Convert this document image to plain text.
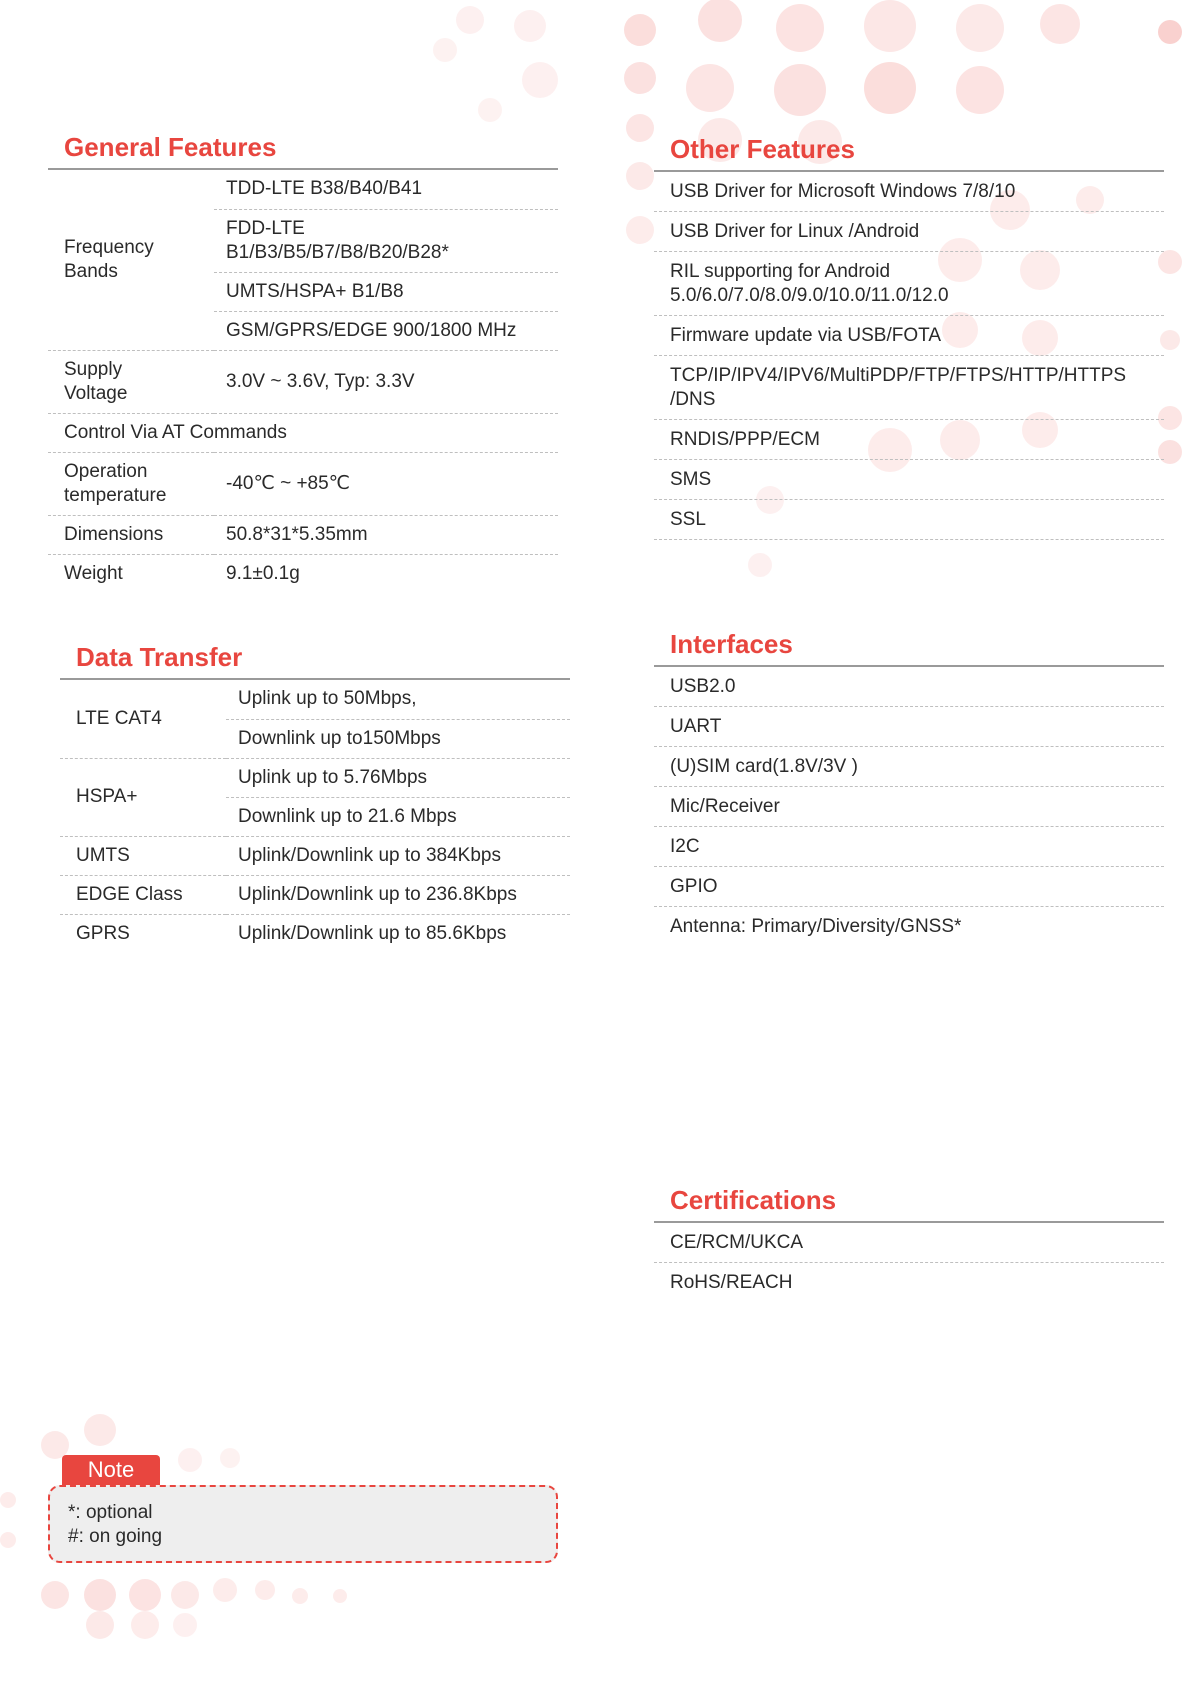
General Features
Frequency Bands	TDD-LTE B38/B40/B41
	FDD-LTE B1/B3/B5/B7/B8/B20/B28*
	UMTS/HSPA+ B1/B8
	GSM/GPRS/EDGE 900/1800 MHz
Supply Voltage	3.0V ~ 3.6V, Typ: 3.3V
Control Via AT Commands	
Operation temperature	-40℃ ~ +85℃
Dimensions	50.8*31*5.35mm
Weight	9.1±0.1g
Other Features
USB Driver for Microsoft Windows 7/8/10
USB Driver for Linux /Android
RIL supporting for Android 5.0/6.0/7.0/8.0/9.0/10.0/11.0/12.0
Firmware update via USB/FOTA
TCP/IP/IPV4/IPV6/MultiPDP/FTP/FTPS/HTTP/HTTPS /DNS
RNDIS/PPP/ECM
SMS
SSL
Data Transfer
LTE CAT4	Uplink up to 50Mbps,
	Downlink up to150Mbps
HSPA+	Uplink up to 5.76Mbps
	Downlink up to 21.6 Mbps
UMTS	Uplink/Downlink up to 384Kbps
EDGE Class	Uplink/Downlink up to 236.8Kbps
GPRS	Uplink/Downlink up to 85.6Kbps
Interfaces
USB2.0
UART
(U)SIM card(1.8V/3V )
Mic/Receiver
I2C
GPIO
Antenna: Primary/Diversity/GNSS*
Certifications
CE/RCM/UKCA
RoHS/REACH
Note
*: optional
#: on going
